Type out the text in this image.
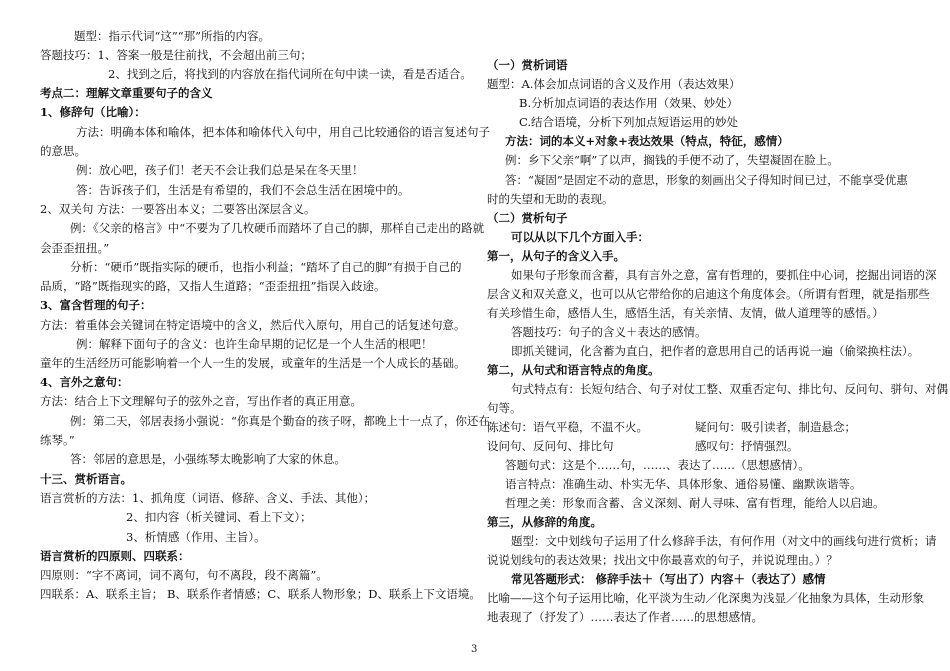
题型：指示代词“这”“那”所指的内容。
答题技巧：1、答案一般是往前找，不会超出前三句；
2、找到之后，将找到的内容放在指代词所在句中读一读，看是否适合。
考点二：理解文章重要句子的含义
1、修辞句（比喻）：
方法：明确本体和喻体，把本体和喻体代入句中，用自己比较通俗的语言复述句子
的意思。
例：放心吧，孩子们！老天不会让我们总是呆在冬天里！
答：告诉孩子们，生活是有希望的，我们不会总生活在困境中的。
2、双关句 方法：一要答出本义；二要答出深层含义。
例：《父亲的格言》中“不要为了几枚硬币而踏坏了自己的脚，那样自己走出的路就
会歪歪扭扭。”
分析：“硬币”既指实际的硬币，也指小利益；“踏坏了自己的脚”有损于自己的
品质，“路”既指现实的路，又指人生道路；“歪歪扭扭”指误入歧途。
3、富含哲理的句子：
方法：着重体会关键词在特定语境中的含义，然后代入原句，用自己的话复述句意。
例：解释下面句子的含义：也许生命早期的记忆是一个人生活的根吧！
童年的生活经历可能影响着一个人一生的发展，或童年的生活是一个人成长的基础。
4、言外之意句：
方法：结合上下文理解句子的弦外之音，写出作者的真正用意。
例：第二天，邻居表扬小强说：“你真是个勤奋的孩子呀，都晚上十一点了，你还在
练琴。”
答：邻居的意思是，小强练琴太晚影响了大家的休息。
十三、赏析语言。
语言赏析的方法：1、抓角度（词语、修辞、含义、手法、其他）；
2、扣内容（析关键词、看上下文）；
3、析情感（作用、主旨）。
语言赏析的四原则、四联系：
四原则：“字不离词，词不离句，句不离段，段不离篇”。
四联系：A、联系主旨； B、联系作者情感；C、联系人物形象；D、联系上下文语境。
（一）赏析词语
题型：A.体会加点词语的含义及作用（表达效果）
B.分析加点词语的表达作用（效果、妙处）
C.结合语境，分析下列加点短语运用的妙处
方法：词的本义+对象+表达效果（特点，特征，感情）
例：乡下父亲“啊”了以声，搁钱的手便不动了，失望凝固在脸上。
答：“凝固”是固定不动的意思，形象的刻画出父子得知时间已过，不能享受优惠
时的失望和无助的表现。
（二）赏析句子
可以从以下几个方面入手：
第一，从句子的含义入手。
如果句子形象而含蓄，具有言外之意，富有哲理的，要抓住中心词，挖掘出词语的深
层含义和双关意义，也可以从它带给你的启迪这个角度体会。（所谓有哲理，就是指那些
有关珍惜生命，感悟人生，感悟生活，有关亲情、友情，做人道理等的感悟。）
答题技巧：句子的含义＋表达的感情。
即抓关键词，化含蓄为直白，把作者的意思用自己的话再说一遍（偷梁换柱法）。
第二，从句式和语言特点的角度。
句式特点有：长短句结合、句子对仗工整、双重否定句、排比句、反问句、骈句、对偶
句等。
陈述句：语气平稳，不温不火。	疑问句：吸引读者，制造悬念；
设问句、反问句、排比句	感叹句：抒情强烈。
答题句式：这是个……句，……、表达了……（思想感情）。
语言特点：准确生动、朴实无华、具体形象、通俗易懂、幽默诙谐等。
哲理之美：形象而含蓄、含义深刻、耐人寻味、富有哲理，能给人以启迪。
第三，从修辞的角度。
题型：文中划线句子运用了什么修辞手法，有何作用（对文中的画线句进行赏析；请
说说划线句的表达效果；找出文中你最喜欢的句子，并说说理由。）？
常见答题形式： 修辞手法＋（写出了）内容＋（表达了）感情
比喻——这个句子运用比喻，化平淡为生动／化深奥为浅显／化抽象为具体，生动形象
地表现了（抒发了）……表达了作者……的思想感情。
3
